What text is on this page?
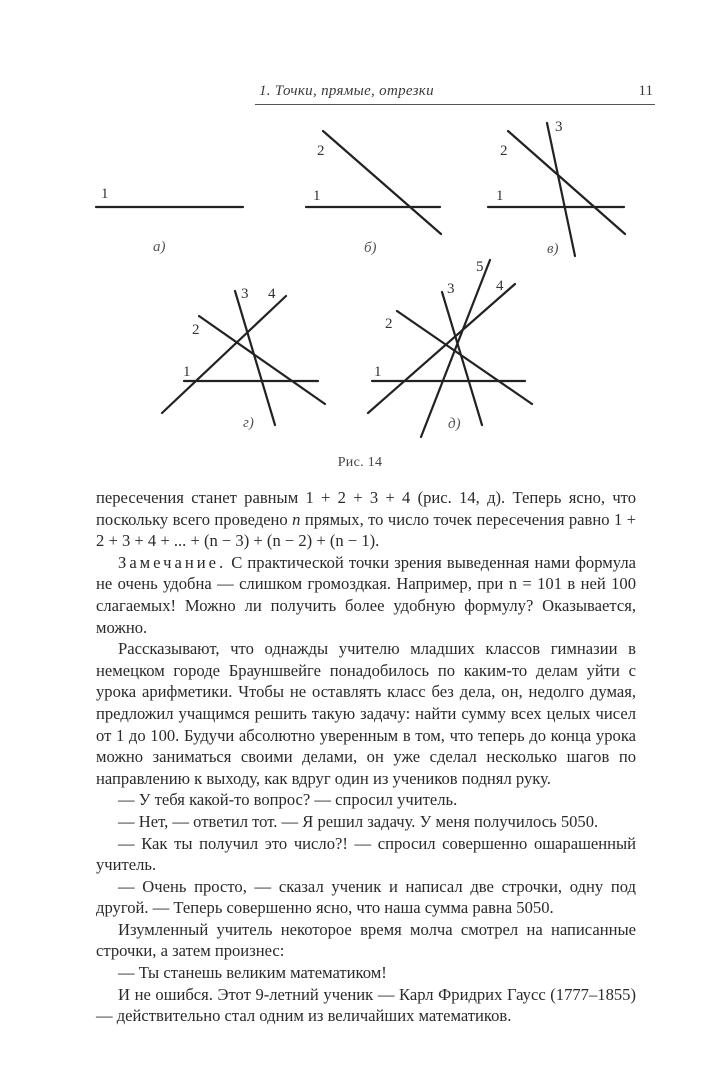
1. Точки, прямые, отрезки	11
1
а)
1
2
б)
1
2
3
в)
1
2
3 4
г)
1
2
3	4
5
д)
Рис. 14

пересечения станет равным 1 + 2 + 3 + 4 (рис. 14, д). Теперь ясно, что поскольку всего проведено n прямых, то число точек пересечения равно 1 + 2 + 3 + 4 + ... + (n − 3) + (n − 2) + (n − 1).

Замечание. С практической точки зрения выведенная нами формула не очень удобна — слишком громоздкая. Например, при n = 101 в ней 100 слагаемых! Можно ли получить более удобную формулу? Оказывается, можно.

Рассказывают, что однажды учителю младших классов гимназии в немецком городе Брауншвейге понадобилось по каким-то делам уйти с урока арифметики. Чтобы не оставлять класс без дела, он, недолго думая, предложил учащимся решить такую задачу: найти сумму всех целых чисел от 1 до 100. Будучи абсолютно уверенным в том, что теперь до конца урока можно заниматься своими делами, он уже сделал несколько шагов по направлению к выходу, как вдруг один из учеников поднял руку.

— У тебя какой-то вопрос? — спросил учитель.

— Нет, — ответил тот. — Я решил задачу. У меня получилось 5050.

— Как ты получил это число?! — спросил совершенно ошарашенный учитель.

— Очень просто, — сказал ученик и написал две строчки, одну под другой. — Теперь совершенно ясно, что наша сумма равна 5050.

Изумленный учитель некоторое время молча смотрел на написанные строчки, а затем произнес:

— Ты станешь великим математиком!

И не ошибся. Этот 9-летний ученик — Карл Фридрих Гаусс (1777–1855) — действительно стал одним из величайших математиков.
